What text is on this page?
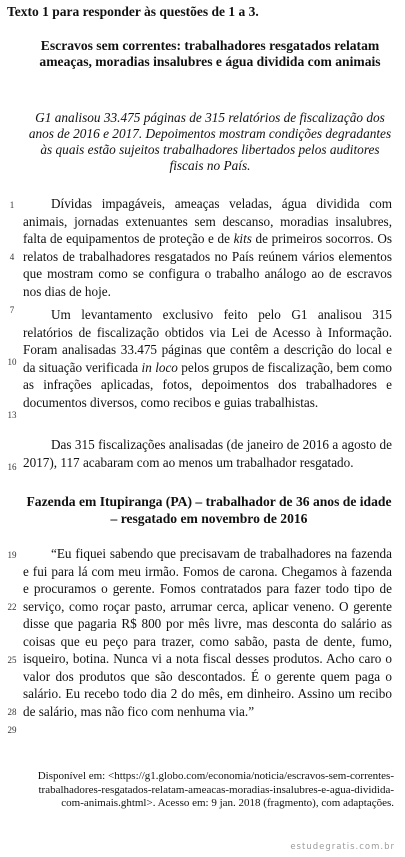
Texto 1 para responder às questões de 1 a 3.
Escravos sem correntes: trabalhadores resgatados relatam ameaças, moradias insalubres e água dividida com animais
G1 analisou 33.475 páginas de 315 relatórios de fiscalização dos anos de 2016 e 2017. Depoimentos mostram condições degradantes às quais estão sujeitos trabalhadores libertados pelos auditores fiscais no País.
Dívidas impagáveis, ameaças veladas, água dividida com animais, jornadas extenuantes sem descanso, moradias insalubres, falta de equipamentos de proteção e de kits de primeiros socorros. Os relatos de trabalhadores resgatados no País reúnem vários elementos que mostram como se configura o trabalho análogo ao de escravos nos dias de hoje.
Um levantamento exclusivo feito pelo G1 analisou 315 relatórios de fiscalização obtidos via Lei de Acesso à Informação. Foram analisadas 33.475 páginas que contêm a descrição do local e da situação verificada in loco pelos grupos de fiscalização, bem como as infrações aplicadas, fotos, depoimentos dos trabalhadores e documentos diversos, como recibos e guias trabalhistas.
Das 315 fiscalizações analisadas (de janeiro de 2016 a agosto de 2017), 117 acabaram com ao menos um trabalhador resgatado.
Fazenda em Itupiranga (PA) – trabalhador de 36 anos de idade – resgatado em novembro de 2016
“Eu fiquei sabendo que precisavam de trabalhadores na fazenda e fui para lá com meu irmão. Fomos de carona. Chegamos à fazenda e procuramos o gerente. Fomos contratados para fazer todo tipo de serviço, como roçar pasto, arrumar cerca, aplicar veneno. O gerente disse que pagaria R$ 800 por mês livre, mas desconta do salário as coisas que eu peço para trazer, como sabão, pasta de dente, fumo, isqueiro, botina. Nunca vi a nota fiscal desses produtos. Acho caro o valor dos produtos que são descontados. É o gerente quem paga o salário. Eu recebo todo dia 2 do mês, em dinheiro. Assino um recibo de salário, mas não fico com nenhuma via.”
Disponível em: <https://g1.globo.com/economia/noticia/escravos-sem-correntes-trabalhadores-resgatados-relatam-ameacas-moradias-insalubres-e-agua-dividida-com-animais.ghtml>. Acesso em: 9 jan. 2018 (fragmento), com adaptações.
1
4
7
10
13
16
19
22
25
28
29
estudegratis.com.br
